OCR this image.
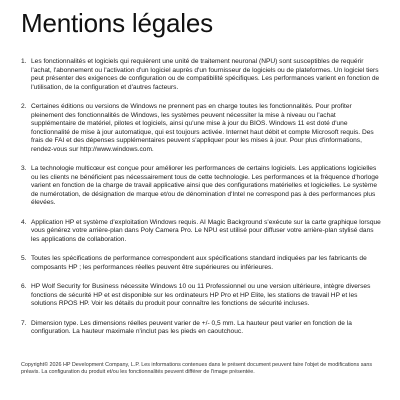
Mentions légales
1. Les fonctionnalités et logiciels qui requièrent une unité de traitement neuronal (NPU) sont susceptibles de requérir l'achat, l'abonnement ou l'activation d'un logiciel auprès d'un fournisseur de logiciels ou de plateformes. Un logiciel tiers peut présenter des exigences de configuration ou de compatibilité spécifiques. Les performances varient en fonction de l'utilisation, de la configuration et d'autres facteurs.

2. Certaines éditions ou versions de Windows ne prennent pas en charge toutes les fonctionnalités. Pour profiter pleinement des fonctionnalités de Windows, les systèmes peuvent nécessiter la mise à niveau ou l'achat supplémentaire de matériel, pilotes et logiciels, ainsi qu'une mise à jour du BIOS. Windows 11 est doté d'une fonctionnalité de mise à jour automatique, qui est toujours activée. Internet haut débit et compte Microsoft requis. Des frais de FAI et des dépenses supplémentaires peuvent s'appliquer pour les mises à jour. Pour plus d'informations, rendez-vous sur http://www.windows.com.

3. La technologie multicœur est conçue pour améliorer les performances de certains logiciels. Les applications logicielles ou les clients ne bénéficient pas nécessairement tous de cette technologie. Les performances et la fréquence d'horloge varient en fonction de la charge de travail applicative ainsi que des configurations matérielles et logicielles. Le système de numérotation, de désignation de marque et/ou de dénomination d'Intel ne correspond pas à des performances plus élevées.

4. Application HP et système d'exploitation Windows requis. AI Magic Background s'exécute sur la carte graphique lorsque vous générez votre arrière-plan dans Poly Camera Pro. Le NPU est utilisé pour diffuser votre arrière-plan stylisé dans les applications de collaboration.

5. Toutes les spécifications de performance correspondent aux spécifications standard indiquées par les fabricants de composants HP ; les performances réelles peuvent être supérieures ou inférieures.

6. HP Wolf Security for Business nécessite Windows 10 ou 11 Professionnel ou une version ultérieure, intègre diverses fonctions de sécurité HP et est disponible sur les ordinateurs HP Pro et HP Elite, les stations de travail HP et les solutions RPOS HP. Voir les détails du produit pour connaître les fonctions de sécurité incluses.

7. Dimension type. Les dimensions réelles peuvent varier de +/- 0,5 mm. La hauteur peut varier en fonction de la configuration. La hauteur maximale n'inclut pas les pieds en caoutchouc.

Copyright© 2026 HP Development Company, L.P. Les informations contenues dans le présent document peuvent faire l'objet de modifications sans préavis. La configuration du produit et/ou les fonctionnalités peuvent différer de l'image présentée.
